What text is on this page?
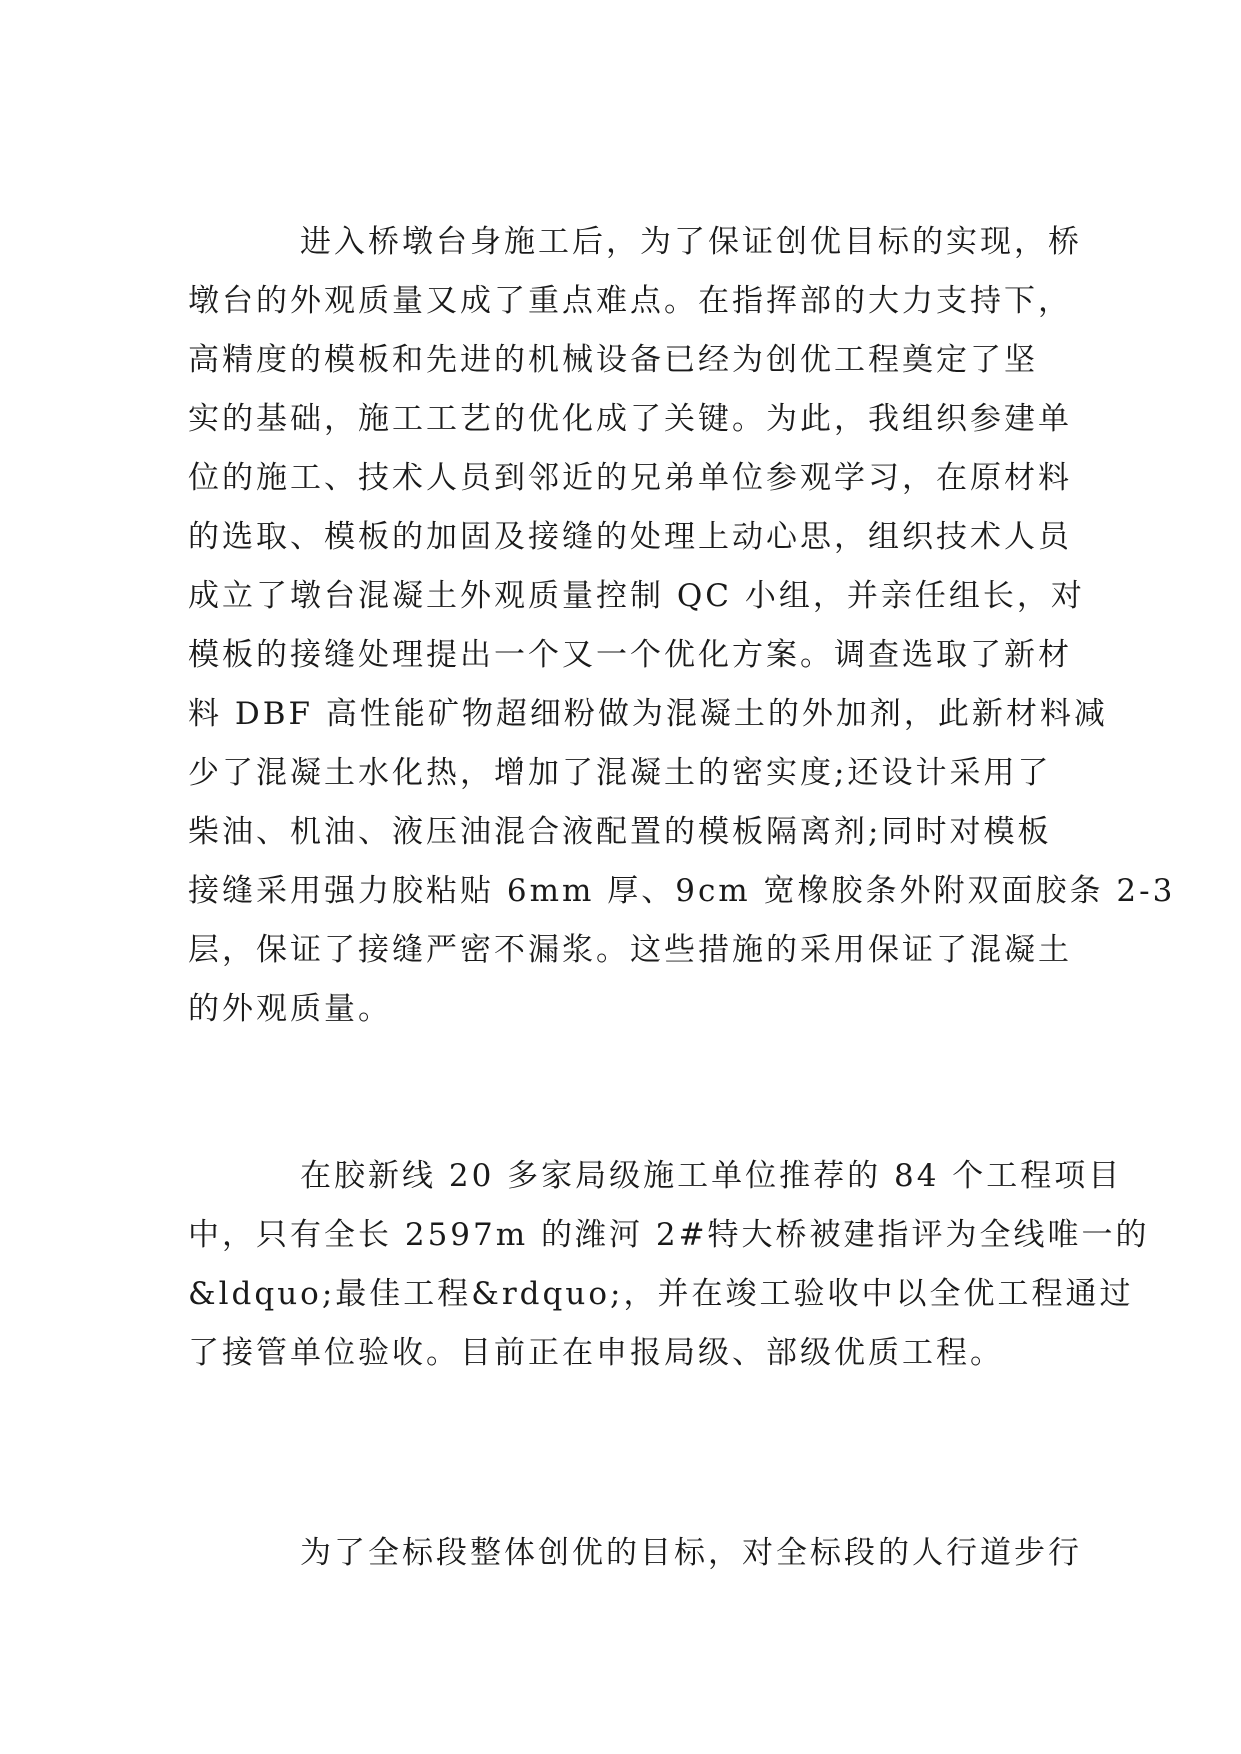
进入桥墩台身施工后，为了保证创优目标的实现，桥
墩台的外观质量又成了重点难点。在指挥部的大力支持下，
高精度的模板和先进的机械设备已经为创优工程奠定了坚
实的基础，施工工艺的优化成了关键。为此，我组织参建单
位的施工、技术人员到邻近的兄弟单位参观学习，在原材料
的选取、模板的加固及接缝的处理上动心思，组织技术人员
成立了墩台混凝土外观质量控制 QC 小组，并亲任组长，对
模板的接缝处理提出一个又一个优化方案。调查选取了新材
料 DBF 高性能矿物超细粉做为混凝土的外加剂，此新材料减
少了混凝土水化热，增加了混凝土的密实度;还设计采用了
柴油、机油、液压油混合液配置的模板隔离剂;同时对模板
接缝采用强力胶粘贴 6mm 厚、9cm 宽橡胶条外附双面胶条 2-3
层，保证了接缝严密不漏浆。这些措施的采用保证了混凝土
的外观质量。

在胶新线 20 多家局级施工单位推荐的 84 个工程项目
中，只有全长 2597m 的潍河 2#特大桥被建指评为全线唯一的
&ldquo;最佳工程&rdquo;，并在竣工验收中以全优工程通过
了接管单位验收。目前正在申报局级、部级优质工程。

为了全标段整体创优的目标，对全标段的人行道步行
